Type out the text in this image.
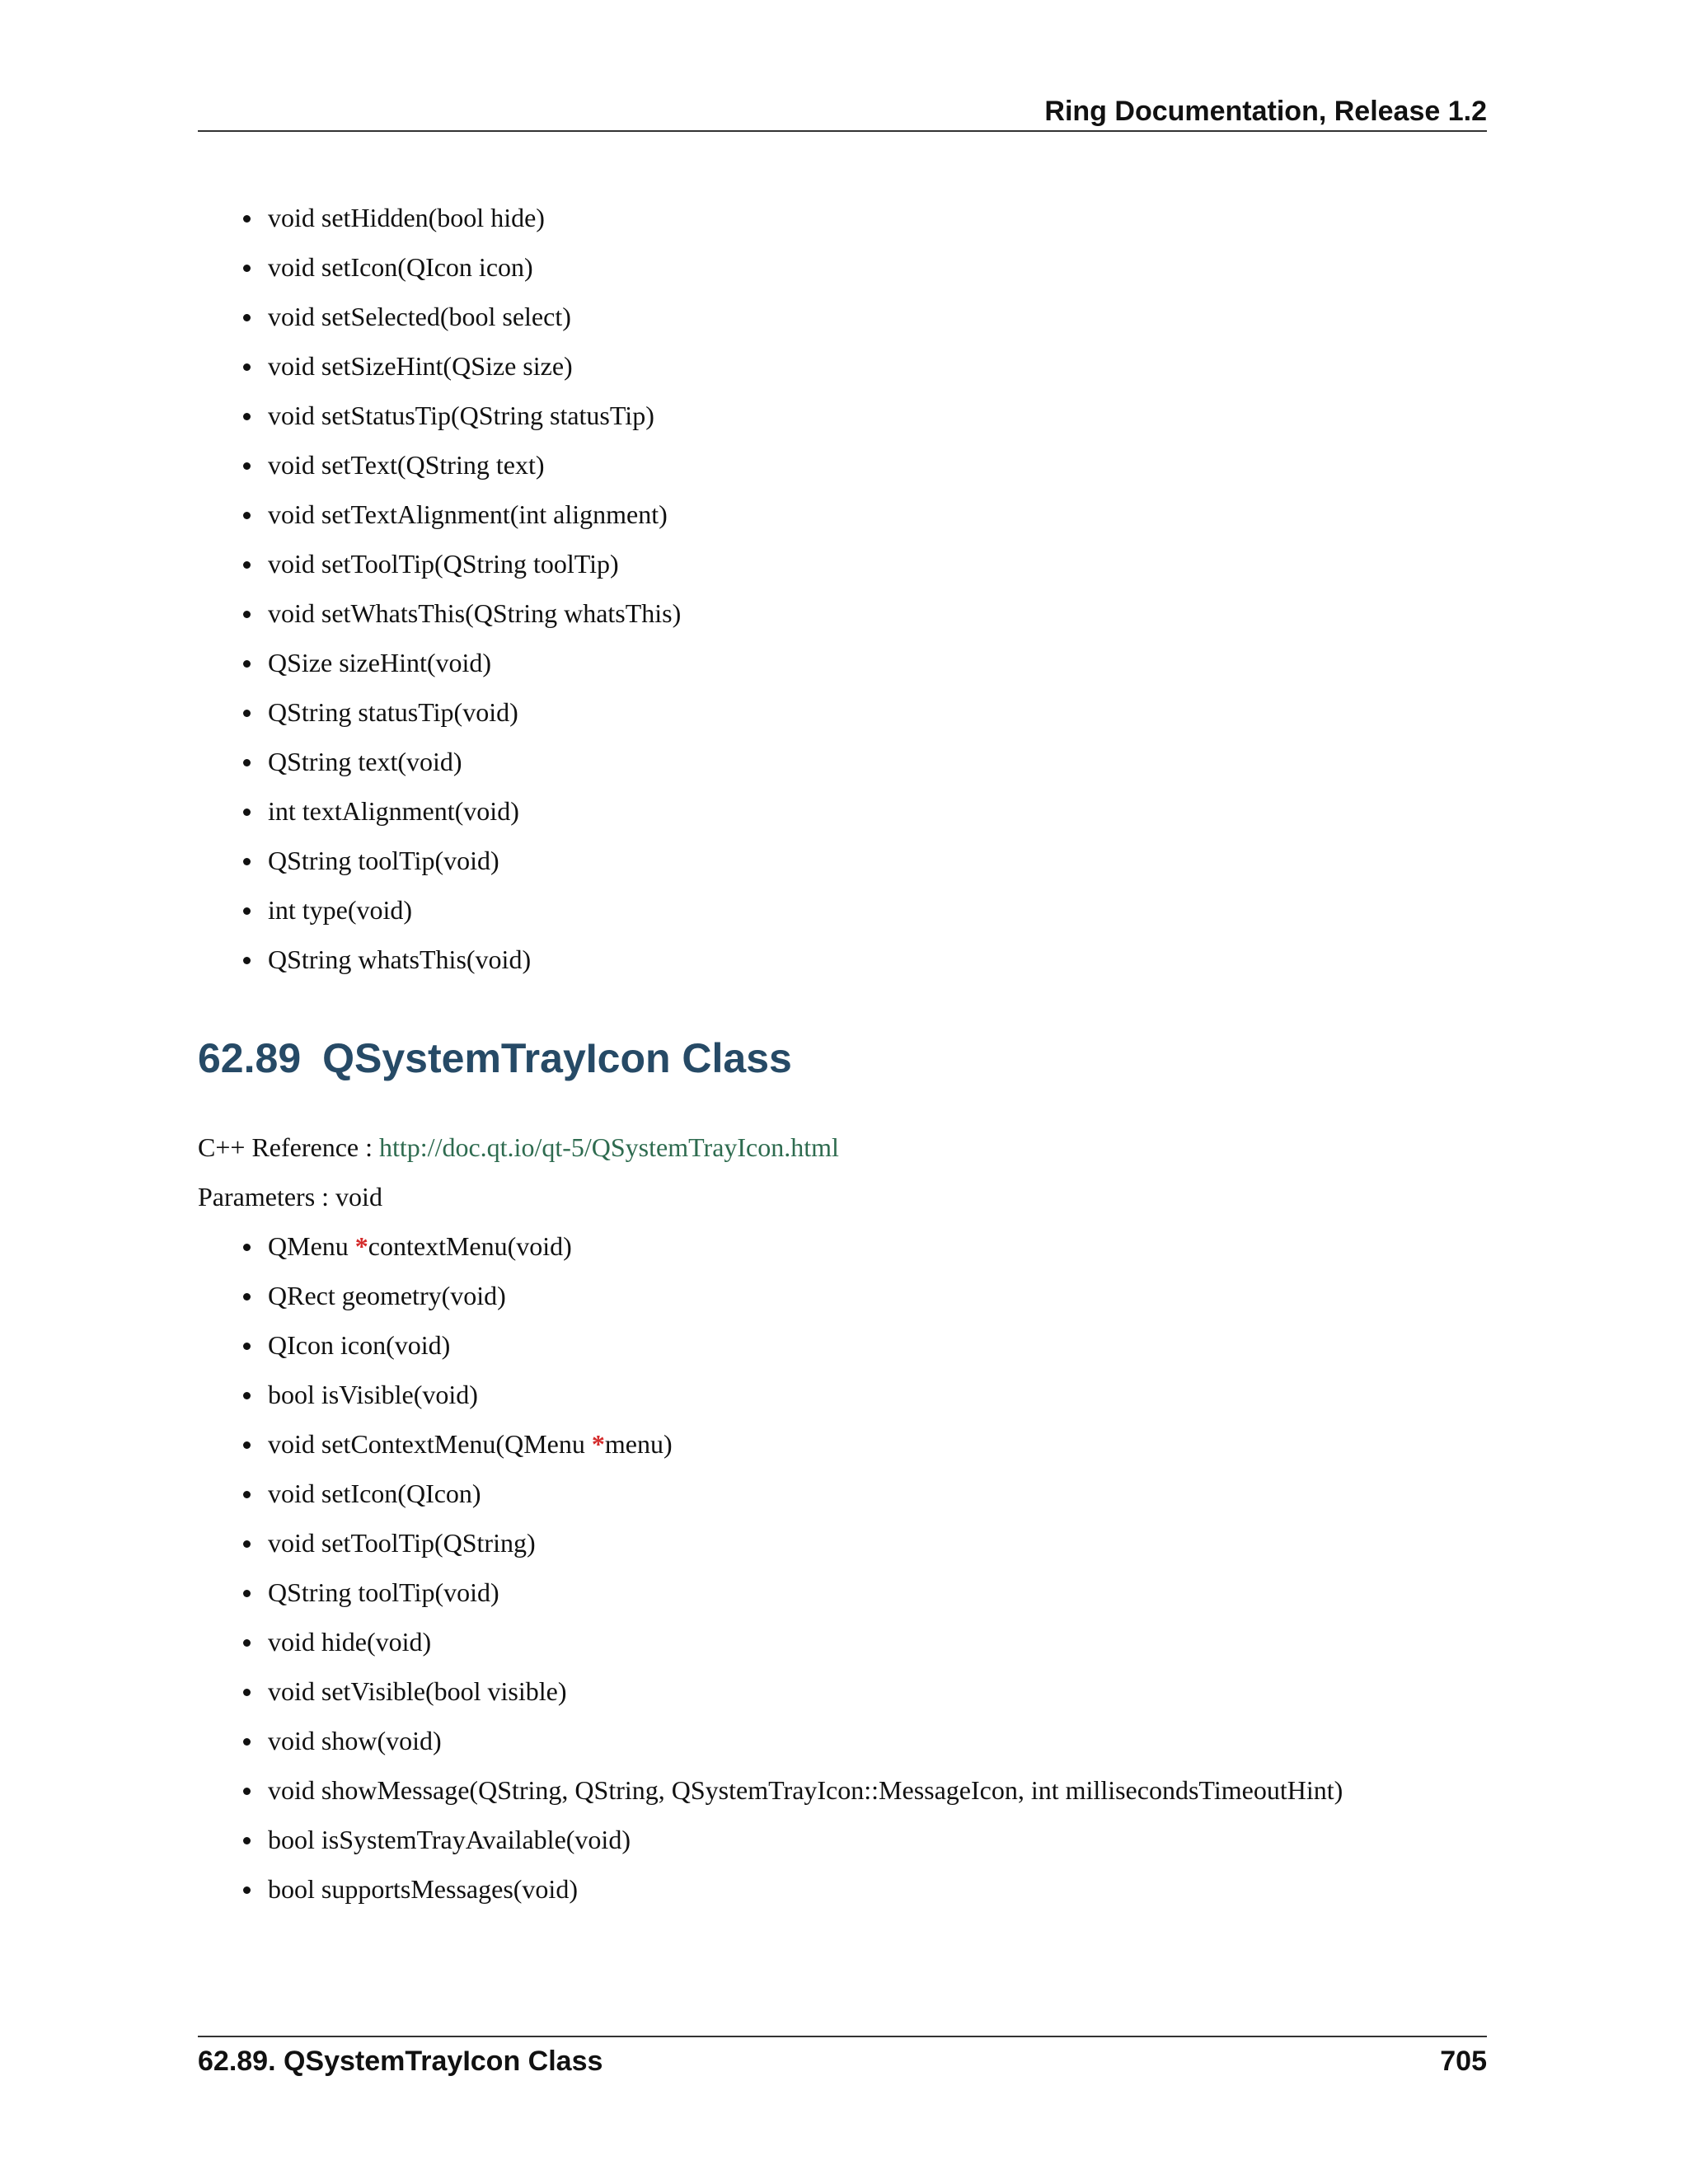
Ring Documentation, Release 1.2
void setHidden(bool hide)
void setIcon(QIcon icon)
void setSelected(bool select)
void setSizeHint(QSize size)
void setStatusTip(QString statusTip)
void setText(QString text)
void setTextAlignment(int alignment)
void setToolTip(QString toolTip)
void setWhatsThis(QString whatsThis)
QSize sizeHint(void)
QString statusTip(void)
QString text(void)
int textAlignment(void)
QString toolTip(void)
int type(void)
QString whatsThis(void)
62.89 QSystemTrayIcon Class

C++ Reference : http://doc.qt.io/qt-5/QSystemTrayIcon.html

Parameters : void

QMenu *contextMenu(void)
QRect geometry(void)
QIcon icon(void)
bool isVisible(void)
void setContextMenu(QMenu *menu)
void setIcon(QIcon)
void setToolTip(QString)
QString toolTip(void)
void hide(void)
void setVisible(bool visible)
void show(void)
void showMessage(QString, QString, QSystemTrayIcon::MessageIcon, int millisecondsTimeoutHint)
bool isSystemTrayAvailable(void)
bool supportsMessages(void)
62.89. QSystemTrayIcon Class	705
